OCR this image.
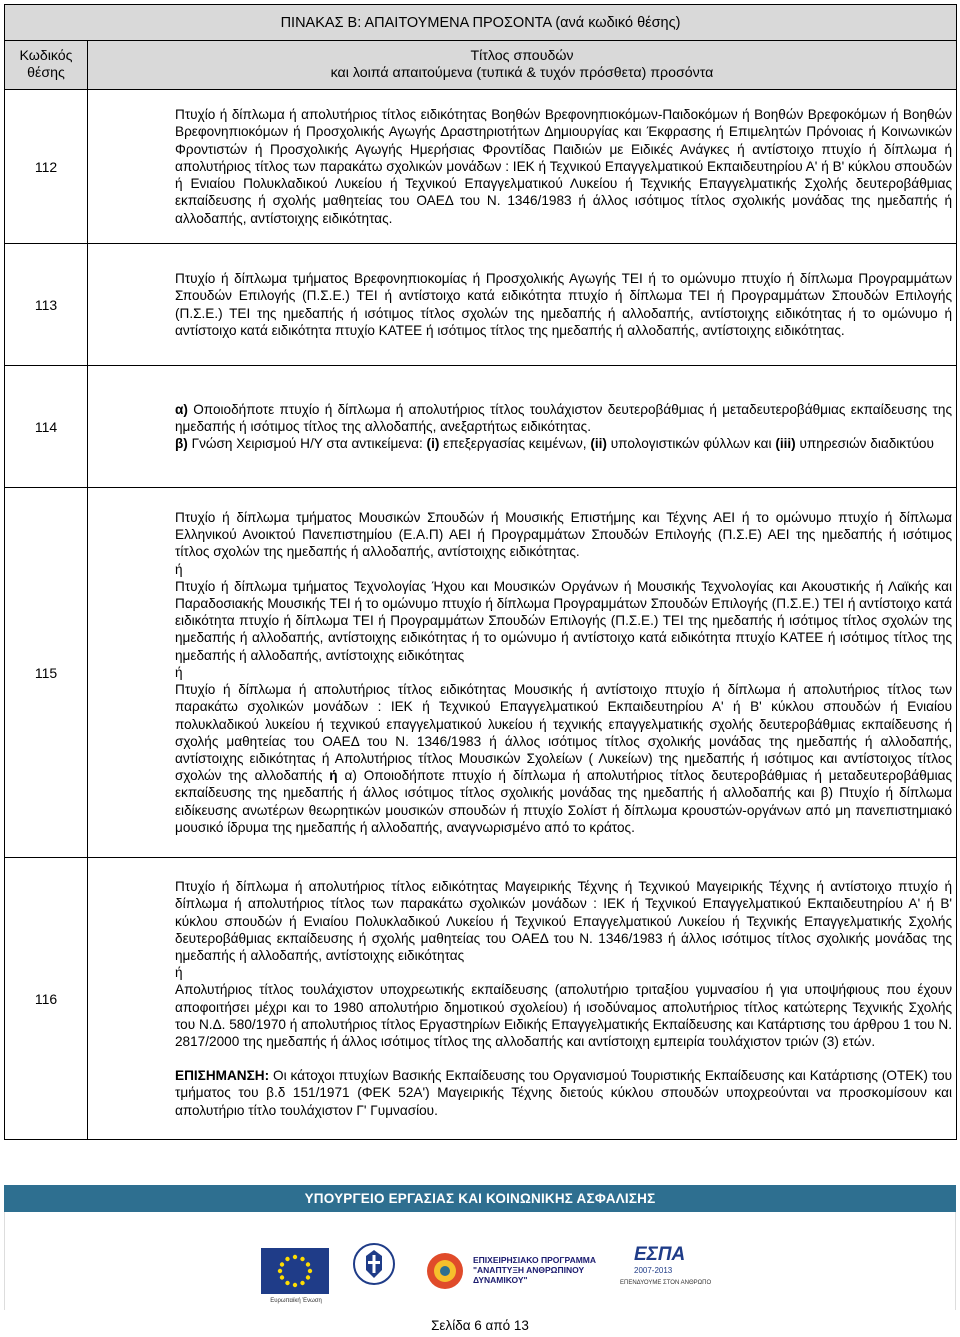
ΠΙΝΑΚΑΣ Β: ΑΠΑΙΤΟΥΜΕΝΑ ΠΡΟΣΟΝΤΑ (ανά κωδικό θέσης)	
Κωδικός
θέσης	Τίτλος σπουδών
και λοιπά απαιτούμενα (τυπικά & τυχόν πρόσθετα) προσόντα
112	Πτυχίο ή δίπλωμα ή απολυτήριος τίτλος ειδικότητας Βοηθών Βρεφονηπιοκόμων-Παιδοκόμων ή Βοηθών Βρεφοκόμων ή Βοηθών Βρεφονηπιοκόμων ή Προσχολικής Αγωγής Δραστηριοτήτων Δημιουργίας και Έκφρασης ή Επιμελητών Πρόνοιας ή Κοινωνικών Φροντιστών ή Προσχολικής Αγωγής Ημερήσιας Φροντίδας Παιδιών με Ειδικές Ανάγκες ή αντίστοιχο πτυχίο ή δίπλωμα ή απολυτήριος τίτλος των παρακάτω σχολικών μονάδων : ΙΕΚ ή Τεχνικού Επαγγελματικού Εκπαιδευτηρίου Α' ή Β' κύκλου σπουδών ή Ενιαίου Πολυκλαδικού Λυκείου ή Τεχνικού Επαγγελματικού Λυκείου ή Τεχνικής Επαγγελματικής Σχολής δευτεροβάθμιας εκπαίδευσης ή σχολής μαθητείας του ΟΑΕΔ του Ν. 1346/1983 ή άλλος ισότιμος τίτλος σχολικής μονάδας της ημεδαπής ή αλλοδαπής, αντίστοιχης ειδικότητας.

113	Πτυχίο ή δίπλωμα τμήματος Βρεφονηπιοκομίας ή Προσχολικής Αγωγής ΤΕΙ ή το ομώνυμο πτυχίο ή δίπλωμα Προγραμμάτων Σπουδών Επιλογής (Π.Σ.Ε.) ΤΕΙ ή αντίστοιχο κατά ειδικότητα πτυχίο ή δίπλωμα ΤΕΙ ή Προγραμμάτων Σπουδών Επιλογής (Π.Σ.Ε.) ΤΕΙ της ημεδαπής ή ισότιμος τίτλος σχολών της ημεδαπής ή αλλοδαπής, αντίστοιχης ειδικότητας ή το ομώνυμο ή αντίστοιχο κατά ειδικότητα πτυχίο ΚΑΤΕΕ ή ισότιμος τίτλος της ημεδαπής ή αλλοδαπής, αντίστοιχης ειδικότητας.

114	α) Οποιοδήποτε πτυχίο ή δίπλωμα ή απολυτήριος τίτλος τουλάχιστον δευτεροβάθμιας ή μεταδευτεροβάθμιας εκπαίδευσης της ημεδαπής ή ισότιμος τίτλος της αλλοδαπής, ανεξαρτήτως ειδικότητας.

β) Γνώση Χειρισμού Η/Υ στα αντικείμενα: (i) επεξεργασίας κειμένων, (ii) υπολογιστικών φύλλων και (iii) υπηρεσιών διαδικτύου

115	Πτυχίο ή δίπλωμα τμήματος Μουσικών Σπουδών ή Μουσικής Επιστήμης και Τέχνης ΑΕΙ ή το ομώνυμο πτυχίο ή δίπλωμα Ελληνικού Ανοικτού Πανεπιστημίου (Ε.Α.Π) ΑΕΙ ή Προγραμμάτων Σπουδών Επιλογής (Π.Σ.Ε) ΑΕΙ της ημεδαπής ή ισότιμος τίτλος σχολών της ημεδαπής ή αλλοδαπής, αντίστοιχης ειδικότητας.

ή

Πτυχίο ή δίπλωμα τμήματος Τεχνολογίας Ήχου και Μουσικών Οργάνων ή Μουσικής Τεχνολογίας και Ακουστικής ή Λαϊκής και Παραδοσιακής Μουσικής ΤΕΙ ή το ομώνυμο πτυχίο ή δίπλωμα Προγραμμάτων Σπουδών Επιλογής (Π.Σ.Ε.) ΤΕΙ ή αντίστοιχο κατά ειδικότητα πτυχίο ή δίπλωμα ΤΕΙ ή Προγραμμάτων Σπουδών Επιλογής (Π.Σ.Ε.) ΤΕΙ της ημεδαπής ή ισότιμος τίτλος σχολών της ημεδαπής ή αλλοδαπής, αντίστοιχης ειδικότητας ή το ομώνυμο ή αντίστοιχο κατά ειδικότητα πτυχίο ΚΑΤΕΕ ή ισότιμος τίτλος της ημεδαπής ή αλλοδαπής, αντίστοιχης ειδικότητας

ή

Πτυχίο ή δίπλωμα ή απολυτήριος τίτλος ειδικότητας Μουσικής ή αντίστοιχο πτυχίο ή δίπλωμα ή απολυτήριος τίτλος των παρακάτω σχολικών μονάδων : ΙΕΚ ή Τεχνικού Επαγγελματικού Εκπαιδευτηρίου Α' ή Β' κύκλου σπουδών ή Ενιαίου πολυκλαδικού λυκείου ή τεχνικού επαγγελματικού λυκείου ή τεχνικής επαγγελματικής σχολής δευτεροβάθμιας εκπαίδευσης ή σχολής μαθητείας του ΟΑΕΔ του Ν. 1346/1983 ή άλλος ισότιμος τίτλος σχολικής μονάδας της ημεδαπής ή αλλοδαπής, αντίστοιχης ειδικότητας ή Απολυτήριος τίτλος Μουσικών Σχολείων ( Λυκείων) της ημεδαπής ή ισότιμος και αντίστοιχος τίτλος σχολών της αλλοδαπής ή α) Οποιοδήποτε πτυχίο ή δίπλωμα ή απολυτήριος τίτλος δευτεροβάθμιας ή μεταδευτεροβάθμιας εκπαίδευσης της ημεδαπής ή άλλος ισότιμος τίτλος σχολικής μονάδας της ημεδαπής ή αλλοδαπής και β) Πτυχίο ή δίπλωμα ειδίκευσης ανωτέρων θεωρητικών μουσικών σπουδών ή πτυχίο Σολίστ ή δίπλωμα κρουστών-οργάνων από μη πανεπιστημιακό μουσικό ίδρυμα της ημεδαπής ή αλλοδαπής, αναγνωρισμένο από το κράτος.

116	Πτυχίο ή δίπλωμα ή απολυτήριος τίτλος ειδικότητας Μαγειρικής Τέχνης ή Τεχνικού Μαγειρικής Τέχνης ή αντίστοιχο πτυχίο ή δίπλωμα ή απολυτήριος τίτλος των παρακάτω σχολικών μονάδων : ΙΕΚ ή Τεχνικού Επαγγελματικού Εκπαιδευτηρίου Α' ή Β' κύκλου σπουδών ή Ενιαίου Πολυκλαδικού Λυκείου ή Τεχνικού Επαγγελματικού Λυκείου ή Τεχνικής Επαγγελματικής Σχολής δευτεροβάθμιας εκπαίδευσης ή σχολής μαθητείας του ΟΑΕΔ του Ν. 1346/1983 ή άλλος ισότιμος τίτλος σχολικής μονάδας της ημεδαπής ή αλλοδαπής, αντίστοιχης ειδικότητας

ή

Απολυτήριος τίτλος τουλάχιστον υποχρεωτικής εκπαίδευσης (απολυτήριο τριταξίου γυμνασίου ή για υποψήφιους που έχουν αποφοιτήσει μέχρι και το 1980 απολυτήριο δημοτικού σχολείου) ή ισοδύναμος απολυτήριος τίτλος κατώτερης Τεχνικής Σχολής του Ν.Δ. 580/1970 ή απολυτήριος τίτλος Εργαστηρίων Ειδικής Επαγγελματικής Εκπαίδευσης και Κατάρτισης του άρθρου 1 του Ν. 2817/2000 της ημεδαπής ή άλλος ισότιμος τίτλος της αλλοδαπής και αντίστοιχη εμπειρία τουλάχιστον τριών (3) ετών.

ΕΠΙΣΗΜΑΝΣΗ: Οι κάτοχοι πτυχίων Βασικής Εκπαίδευσης του Οργανισμού Τουριστικής Εκπαίδευσης και Κατάρτισης (ΟΤΕΚ) του τμήματος του β.δ 151/1971 (ΦΕΚ 52Α') Μαγειρικής Τέχνης διετούς κύκλου σπουδών υποχρεούνται να προσκομίσουν και απολυτήριο τίτλο τουλάχιστον Γ' Γυμνασίου.

ΥΠΟΥΡΓΕΙΟ ΕΡΓΑΣΙΑΣ ΚΑΙ ΚΟΙΝΩΝΙΚΗΣ ΑΣΦΑΛΙΣΗΣ
Ευρωπαϊκή Ένωση
ΕΠΙΧΕΙΡΗΣΙΑΚΟ ΠΡΟΓΡΑΜΜΑ
"ΑΝΑΠΤΥΞΗ ΑΝΘΡΩΠΙΝΟΥ ΔΥΝΑΜΙΚΟΥ"
ΕΣΠΑ
2007-2013
ΕΠΕΝΔΥΟΥΜΕ ΣΤΟΝ ΑΝΘΡΩΠΟ
Σελίδα 6 από 13
